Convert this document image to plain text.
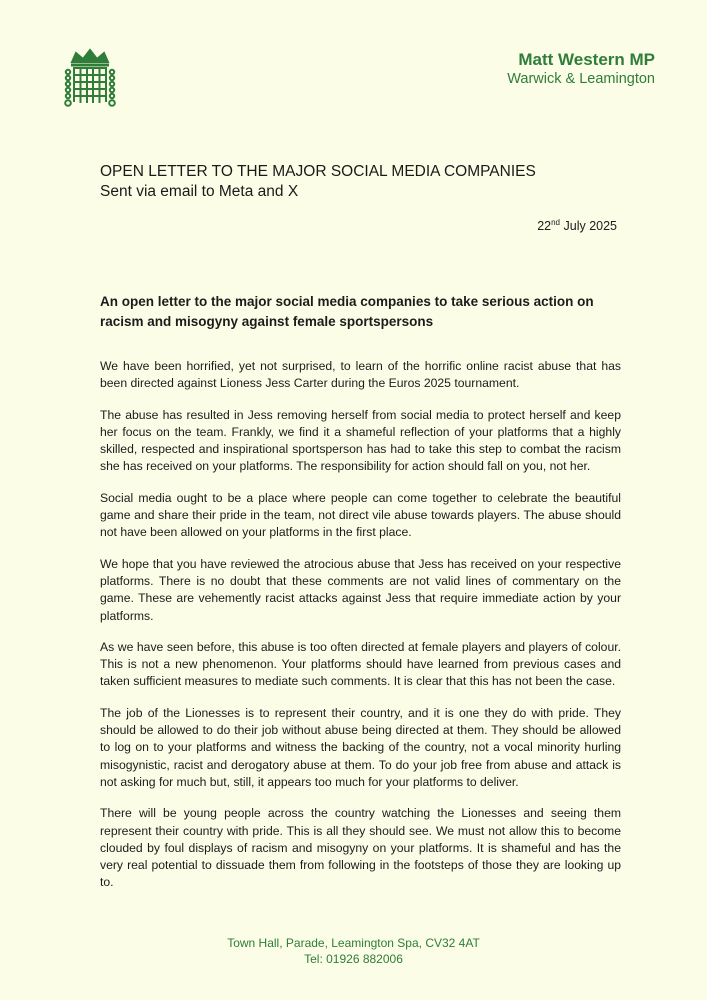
Matt Western MP
Warwick & Leamington
OPEN LETTER TO THE MAJOR SOCIAL MEDIA COMPANIES
Sent via email to Meta and X
22nd July 2025
An open letter to the major social media companies to take serious action on racism and misogyny against female sportspersons

We have been horrified, yet not surprised, to learn of the horrific online racist abuse that has been directed against Lioness Jess Carter during the Euros 2025 tournament.

The abuse has resulted in Jess removing herself from social media to protect herself and keep her focus on the team. Frankly, we find it a shameful reflection of your platforms that a highly skilled, respected and inspirational sportsperson has had to take this step to combat the racism she has received on your platforms. The responsibility for action should fall on you, not her.

Social media ought to be a place where people can come together to celebrate the beautiful game and share their pride in the team, not direct vile abuse towards players. The abuse should not have been allowed on your platforms in the first place.

We hope that you have reviewed the atrocious abuse that Jess has received on your respective platforms. There is no doubt that these comments are not valid lines of commentary on the game. These are vehemently racist attacks against Jess that require immediate action by your platforms.

As we have seen before, this abuse is too often directed at female players and players of colour. This is not a new phenomenon. Your platforms should have learned from previous cases and taken sufficient measures to mediate such comments. It is clear that this has not been the case.

The job of the Lionesses is to represent their country, and it is one they do with pride. They should be allowed to do their job without abuse being directed at them. They should be allowed to log on to your platforms and witness the backing of the country, not a vocal minority hurling misogynistic, racist and derogatory abuse at them. To do your job free from abuse and attack is not asking for much but, still, it appears too much for your platforms to deliver.

There will be young people across the country watching the Lionesses and seeing them represent their country with pride. This is all they should see. We must not allow this to become clouded by foul displays of racism and misogyny on your platforms. It is shameful and has the very real potential to dissuade them from following in the footsteps of those they are looking up to.

Town Hall, Parade, Leamington Spa, CV32 4AT
Tel: 01926 882006
